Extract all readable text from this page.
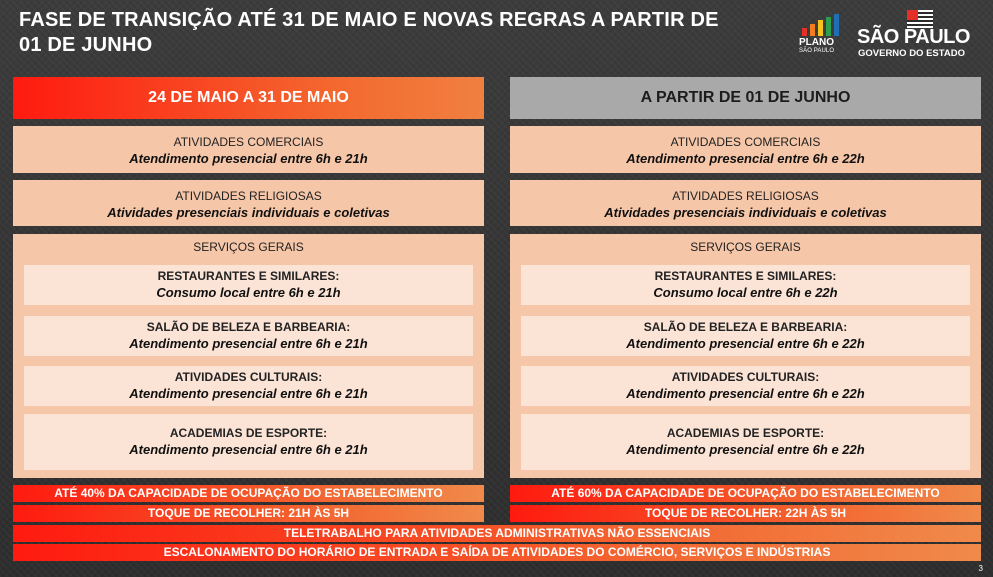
FASE DE TRANSIÇÃO ATÉ 31 DE MAIO E NOVAS REGRAS A PARTIR DE 01 DE JUNHO	PLANO
SÃO PAULO
SÃO PAULO
GOVERNO DO ESTADO
24 DE MAIO A 31 DE MAIO
ATIVIDADES COMERCIAIS
Atendimento presencial entre 6h e 21h
ATIVIDADES RELIGIOSAS
Atividades presenciais individuais e coletivas
SERVIÇOS GERAIS
RESTAURANTES E SIMILARES:
Consumo local entre 6h e 21h
SALÃO DE BELEZA E BARBEARIA:
Atendimento presencial entre 6h e 21h
ATIVIDADES CULTURAIS:
Atendimento presencial entre 6h e 21h
ACADEMIAS DE ESPORTE:
Atendimento presencial entre 6h e 21h
ATÉ 40% DA CAPACIDADE DE OCUPAÇÃO DO ESTABELECIMENTO
TOQUE DE RECOLHER: 21H ÀS 5H
A PARTIR DE 01 DE JUNHO
ATIVIDADES COMERCIAIS
Atendimento presencial entre 6h e 22h
ATIVIDADES RELIGIOSAS
Atividades presenciais individuais e coletivas
SERVIÇOS GERAIS
RESTAURANTES E SIMILARES:
Consumo local entre 6h e 22h
SALÃO DE BELEZA E BARBEARIA:
Atendimento presencial entre 6h e 22h
ATIVIDADES CULTURAIS:
Atendimento presencial entre 6h e 22h
ACADEMIAS DE ESPORTE:
Atendimento presencial entre 6h e 22h
ATÉ 60% DA CAPACIDADE DE OCUPAÇÃO DO ESTABELECIMENTO
TOQUE DE RECOLHER: 22H ÀS 5H
TELETRABALHO PARA ATIVIDADES ADMINISTRATIVAS NÃO ESSENCIAIS
ESCALONAMENTO DO HORÁRIO DE ENTRADA E SAÍDA DE ATIVIDADES DO COMÉRCIO, SERVIÇOS E INDÚSTRIAS
3
